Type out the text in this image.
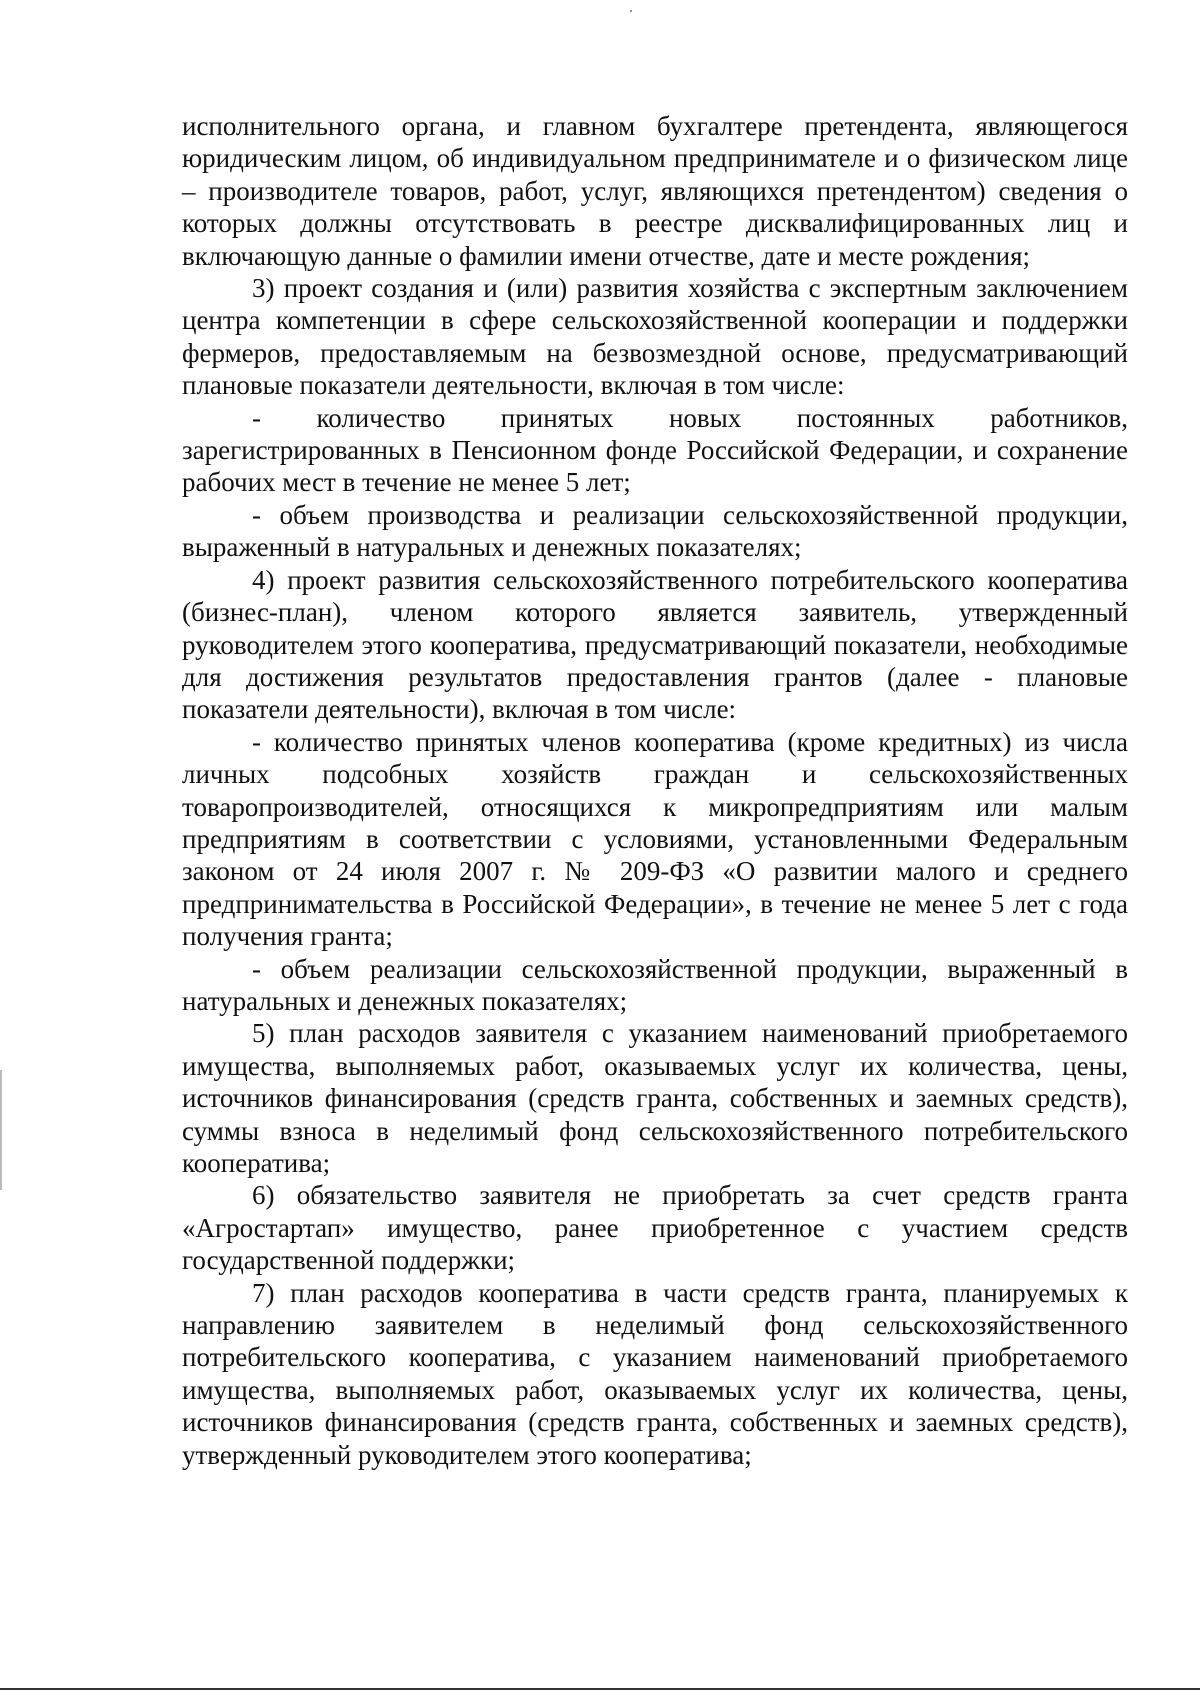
исполнительного органа, и главном бухгалтере претендента, являющегося юридическим лицом, об индивидуальном предпринимателе и о физическом лице – производителе товаров, работ, услуг, являющихся претендентом) сведения о которых должны отсутствовать в реестре дисквалифицированных лиц и включающую данные о фамилии имени отчестве, дате и месте рождения;

3) проект создания и (или) развития хозяйства с экспертным заключением центра компетенции в сфере сельскохозяйственной кооперации и поддержки фермеров, предоставляемым на безвозмездной основе, предусматривающий плановые показатели деятельности, включая в том числе:

- количество принятых новых постоянных работников, зарегистрированных в Пенсионном фонде Российской Федерации, и сохранение рабочих мест в течение не менее 5 лет;

- объем производства и реализации сельскохозяйственной продукции, выраженный в натуральных и денежных показателях;

4) проект развития сельскохозяйственного потребительского кооператива (бизнес-план), членом которого является заявитель, утвержденный руководителем этого кооператива, предусматривающий показатели, необходимые для достижения результатов предоставления грантов (далее - плановые показатели деятельности), включая в том числе:

- количество принятых членов кооператива (кроме кредитных) из числа личных подсобных хозяйств граждан и сельскохозяйственных товаропроизводителей, относящихся к микропредприятиям или малым предприятиям в соответствии с условиями, установленными Федеральным законом от 24 июля 2007 г. № 209-ФЗ «О развитии малого и среднего предпринимательства в Российской Федерации», в течение не менее 5 лет с года получения гранта;

- объем реализации сельскохозяйственной продукции, выраженный в натуральных и денежных показателях;

5) план расходов заявителя с указанием наименований приобретаемого имущества, выполняемых работ, оказываемых услуг их количества, цены, источников финансирования (средств гранта, собственных и заемных средств), суммы взноса в неделимый фонд сельскохозяйственного потребительского кооператива;

6) обязательство заявителя не приобретать за счет средств гранта «Агростартап» имущество, ранее приобретенное с участием средств государственной поддержки;

7) план расходов кооператива в части средств гранта, планируемых к направлению заявителем в неделимый фонд сельскохозяйственного потребительского кооператива, с указанием наименований приобретаемого имущества, выполняемых работ, оказываемых услуг их количества, цены, источников финансирования (средств гранта, собственных и заемных средств), утвержденный руководителем этого кооператива;
